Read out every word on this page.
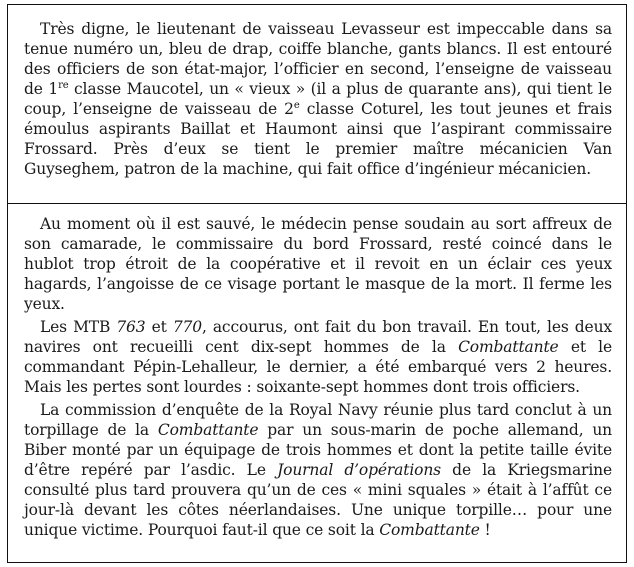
Très digne, le lieutenant de vaisseau Levasseur est impeccable dans sa tenue numéro un, bleu de drap, coiffe blanche, gants blancs. Il est entouré des officiers de son état-major, l’officier en second, l’enseigne de vaisseau de 1re classe Maucotel, un « vieux » (il a plus de quarante ans), qui tient le coup, l’enseigne de vaisseau de 2e classe Coturel, les tout jeunes et frais émoulus aspirants Baillat et Haumont ainsi que l’aspirant commissaire Frossard. Près d’eux se tient le premier maître mécanicien Van Guyseghem, patron de la machine, qui fait office d’ingénieur mécanicien.

Au moment où il est sauvé, le médecin pense soudain au sort affreux de son camarade, le commissaire du bord Frossard, resté coincé dans le hublot trop étroit de la coopérative et il revoit en un éclair ces yeux hagards, l’angoisse de ce visage portant le masque de la mort. Il ferme les yeux.

Les MTB 763 et 770, accourus, ont fait du bon travail. En tout, les deux navires ont recueilli cent dix-sept hommes de la Combattante et le commandant Pépin-Lehalleur, le dernier, a été embarqué vers 2 heures. Mais les pertes sont lourdes : soixante-sept hommes dont trois officiers.

La commission d’enquête de la Royal Navy réunie plus tard conclut à un torpillage de la Combattante par un sous-marin de poche allemand, un Biber monté par un équipage de trois hommes et dont la petite taille évite d’être repéré par l’asdic. Le Journal d’opérations de la Kriegsmarine consulté plus tard prouvera qu’un de ces « mini squales » était à l’affût ce jour-là devant les côtes néerlandaises. Une unique torpille… pour une unique victime. Pourquoi faut-il que ce soit la Combattante !
